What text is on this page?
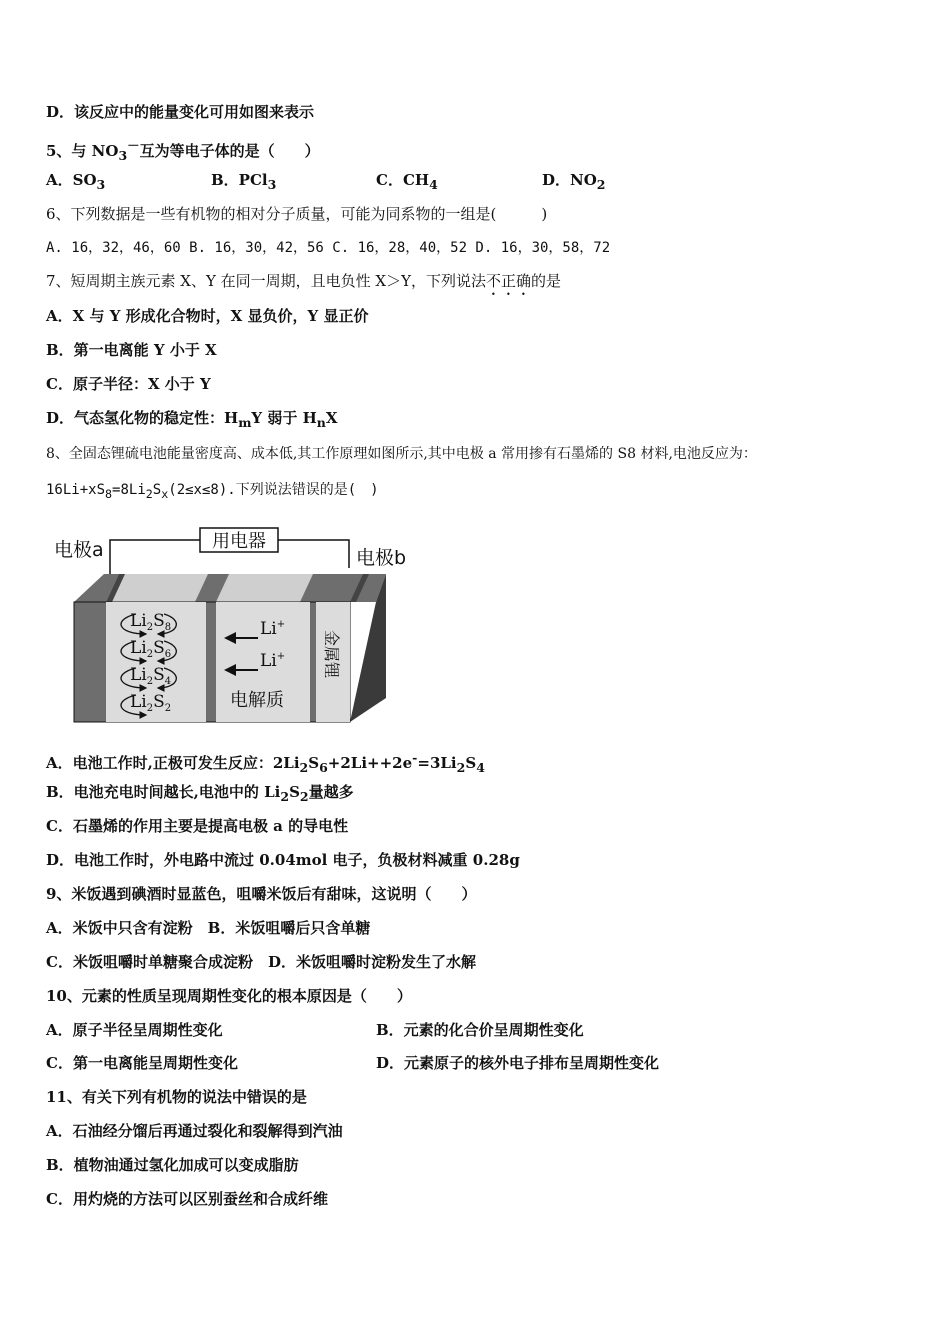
D．该反应中的能量变化可用如图来表示
5、与 $NO_3^-$互为等电子体的是（　　）
A．$SO_3$	B．PCl$_3$	C．$CH_4$	D．$NO_2$
6、下列数据是一些有机物的相对分子质量，可能为同系物的一组是(　　　)
A. 16，32，46，60 B. 16，30，42，56 C. 16，28，40，52 D. 16，30，58，72
7、短周期主族元素 X、Y 在同一周期，且电负性 X＞Y，下列说法不正确的是
A．X 与 Y 形成化合物时，X 显负价，Y 显正价
B．第一电离能 Y 小于 X
C．原子半径：X 小于 Y
D．气态氢化物的稳定性：$H_mY$ 弱于 $H_nX$
8、全固态锂硫电池能量密度高、成本低,其工作原理如图所示,其中电极 a 常用掺有石墨烯的 S8 材料,电池反应为：
$16Li+xS_8=8Li_2S_x(2\le x\le 8)$.下列说法错误的是(　)
电极a	电极b
用电器
$Li_2S_8$
$Li_2S_6$
$Li_2S_4$
$Li_2S_2$
Li+
Li+
电解质
金属锂
A．电池工作时,正极可发生反应：$2Li_2S_6+2Li++2e^-=3Li_2S_4$
B．电池充电时间越长,电池中的 $Li_2S_2$量越多
C．石墨烯的作用主要是提高电极 a 的导电性
D．电池工作时，外电路中流过 0.04mol 电子，负极材料减重 0.28g
9、米饭遇到碘酒时显蓝色，咀嚼米饭后有甜味，这说明（　　）
A．米饭中只含有淀粉　B．米饭咀嚼后只含单糖
C．米饭咀嚼时单糖聚合成淀粉　D．米饭咀嚼时淀粉发生了水解
10、元素的性质呈现周期性变化的根本原因是（　　）
A．原子半径呈周期性变化	B．元素的化合价呈周期性变化
C．第一电离能呈周期性变化	D．元素原子的核外电子排布呈周期性变化
11、有关下列有机物的说法中错误的是
A．石油经分馏后再通过裂化和裂解得到汽油
B．植物油通过氢化加成可以变成脂肪
C．用灼烧的方法可以区别蚕丝和合成纤维
